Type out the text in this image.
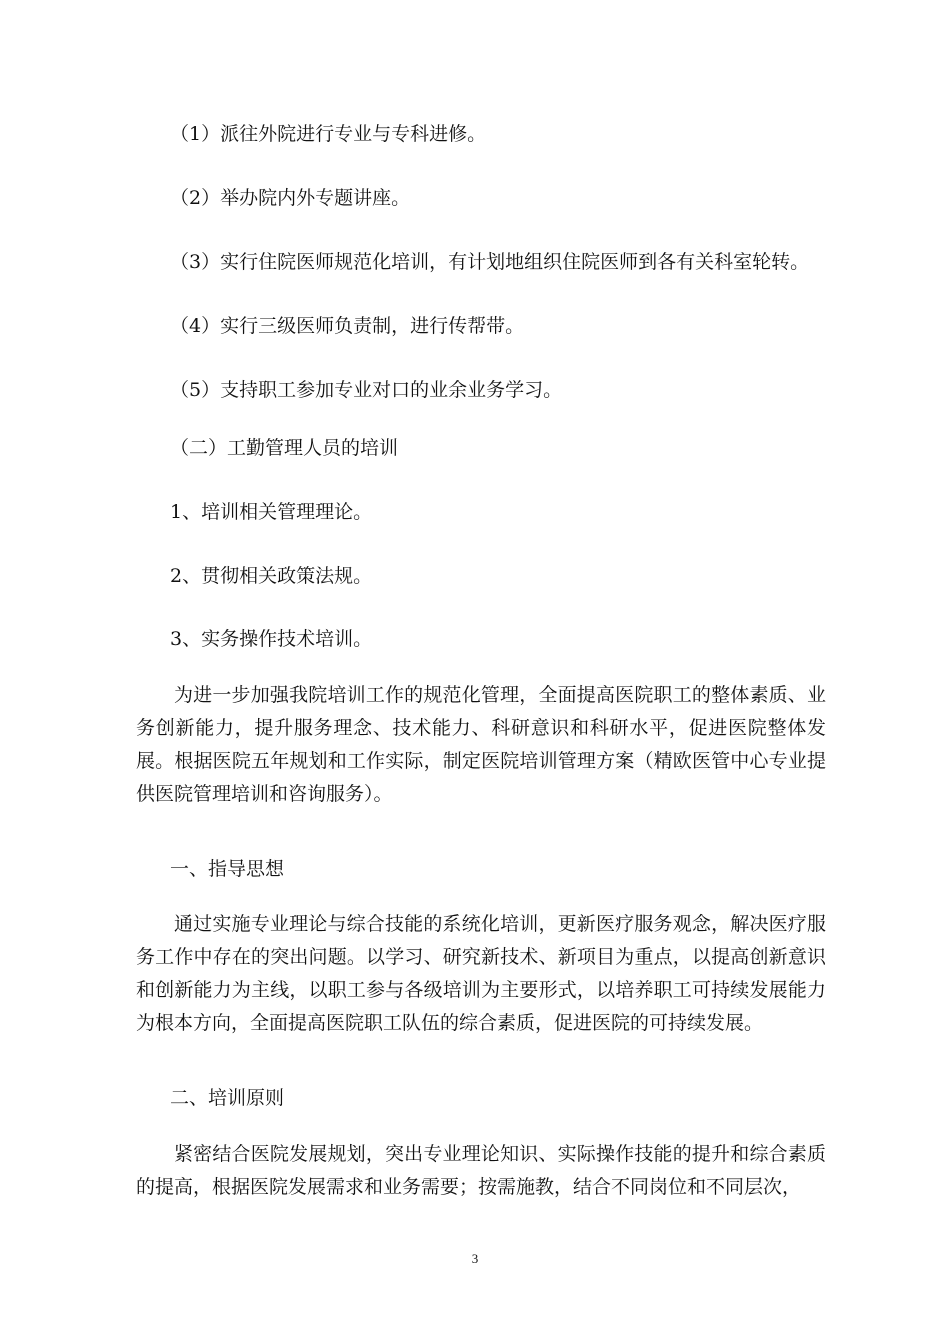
（1）派往外院进行专业与专科进修。

（2）举办院内外专题讲座。

（3）实行住院医师规范化培训，有计划地组织住院医师到各有关科室轮转。

（4）实行三级医师负责制，进行传帮带。

（5）支持职工参加专业对口的业余业务学习。

（二）工勤管理人员的培训

1、培训相关管理理论。

2、贯彻相关政策法规。

3、实务操作技术培训。

为进一步加强我院培训工作的规范化管理，全面提高医院职工的整体素质、业务创新能力，提升服务理念、技术能力、科研意识和科研水平，促进医院整体发展。根据医院五年规划和工作实际，制定医院培训管理方案（精欧医管中心专业提供医院管理培训和咨询服务）。

一、指导思想

通过实施专业理论与综合技能的系统化培训，更新医疗服务观念，解决医疗服务工作中存在的突出问题。以学习、研究新技术、新项目为重点，以提高创新意识和创新能力为主线，以职工参与各级培训为主要形式，以培养职工可持续发展能力为根本方向，全面提高医院职工队伍的综合素质，促进医院的可持续发展。

二、培训原则

紧密结合医院发展规划，突出专业理论知识、实际操作技能的提升和综合素质的提高，根据医院发展需求和业务需要；按需施教，结合不同岗位和不同层次，

3
